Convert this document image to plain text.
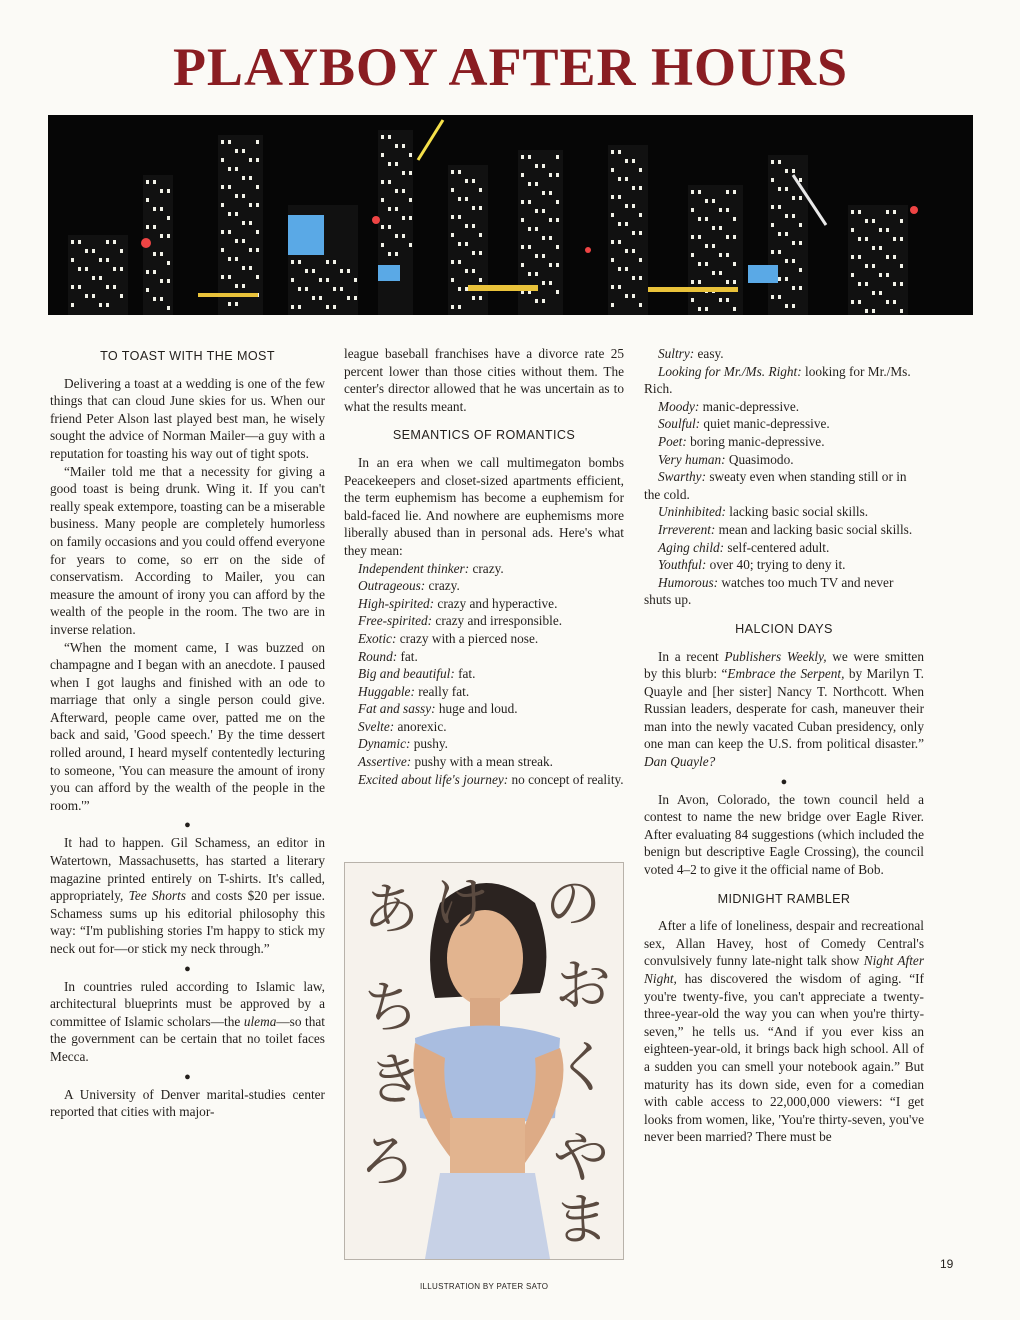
PLAYBOY AFTER HOURS
TO TOAST WITH THE MOST

Delivering a toast at a wedding is one of the few things that can cloud June skies for us. When our friend Peter Alson last played best man, he wisely sought the advice of Norman Mailer—a guy with a reputation for toasting his way out of tight spots.

“Mailer told me that a necessity for giving a good toast is being drunk. Wing it. If you can't really speak extempore, toasting can be a miserable business. Many people are completely humorless on family occasions and you could offend everyone for years to come, so err on the side of conservatism. According to Mailer, you can measure the amount of irony you can afford by the wealth of the people in the room. The two are in inverse relation.

“When the moment came, I was buzzed on champagne and I began with an anecdote. I paused when I got laughs and finished with an ode to marriage that only a single person could give. Afterward, people came over, patted me on the back and said, 'Good speech.' By the time dessert rolled around, I heard myself contentedly lecturing to someone, 'You can measure the amount of irony you can afford by the wealth of the people in the room.'”

●

It had to happen. Gil Schamess, an editor in Watertown, Massachusetts, has started a literary magazine printed entirely on T-shirts. It's called, appropriately, Tee Shorts and costs $20 per issue. Schamess sums up his editorial philosophy this way: “I'm publishing stories I'm happy to stick my neck out for—or stick my neck through.”

●

In countries ruled according to Islamic law, architectural blueprints must be approved by a committee of Islamic scholars—the ulema—so that the government can be certain that no toilet faces Mecca.

●

A University of Denver marital-studies center reported that cities with major-

league baseball franchises have a divorce rate 25 percent lower than those cities without them. The center's director allowed that he was uncertain as to what the results meant.

SEMANTICS OF ROMANTICS

In an era when we call multimegaton bombs Peacekeepers and closet-sized apartments efficient, the term euphemism has become a euphemism for bald-faced lie. And nowhere are euphemisms more liberally abused than in personal ads. Here's what they mean:

Independent thinker: crazy.

Outrageous: crazy.

High-spirited: crazy and hyperactive.

Free-spirited: crazy and irresponsible.

Exotic: crazy with a pierced nose.

Round: fat.

Big and beautiful: fat.

Huggable: really fat.

Fat and sassy: huge and loud.

Svelte: anorexic.

Dynamic: pushy.

Assertive: pushy with a mean streak.

Excited about life's journey: no concept of reality.

あ け の
ち お
き く
ろ や
ま

Sultry: easy.

Looking for Mr./Ms. Right: looking for Mr./Ms. Rich.

Moody: manic-depressive.

Soulful: quiet manic-depressive.

Poet: boring manic-depressive.

Very human: Quasimodo.

Swarthy: sweaty even when standing still or in the cold.

Uninhibited: lacking basic social skills.

Irreverent: mean and lacking basic social skills.

Aging child: self-centered adult.

Youthful: over 40; trying to deny it.

Humorous: watches too much TV and never shuts up.

HALCION DAYS

In a recent Publishers Weekly, we were smitten by this blurb: “Embrace the Serpent, by Marilyn T. Quayle and [her sister] Nancy T. Northcott. When Russian leaders, desperate for cash, maneuver their man into the newly vacated Cuban presidency, only one man can keep the U.S. from political disaster.” Dan Quayle?

●

In Avon, Colorado, the town council held a contest to name the new bridge over Eagle River. After evaluating 84 suggestions (which included the benign but descriptive Eagle Crossing), the council voted 4–2 to give it the official name of Bob.

MIDNIGHT RAMBLER

After a life of loneliness, despair and recreational sex, Allan Havey, host of Comedy Central's convulsively funny late-night talk show Night After Night, has discovered the wisdom of aging. “If you're twenty-five, you can't appreciate a twenty-three-year-old the way you can when you're thirty-seven,” he tells us. “And if you ever kiss an eighteen-year-old, it brings back high school. All of a sudden you can smell your notebook again.” But maturity has its down side, even for a comedian with cable access to 22,000,000 viewers: “I get looks from women, like, 'You're thirty-seven, you've never been married? There must be

ILLUSTRATION BY PATER SATO
19
